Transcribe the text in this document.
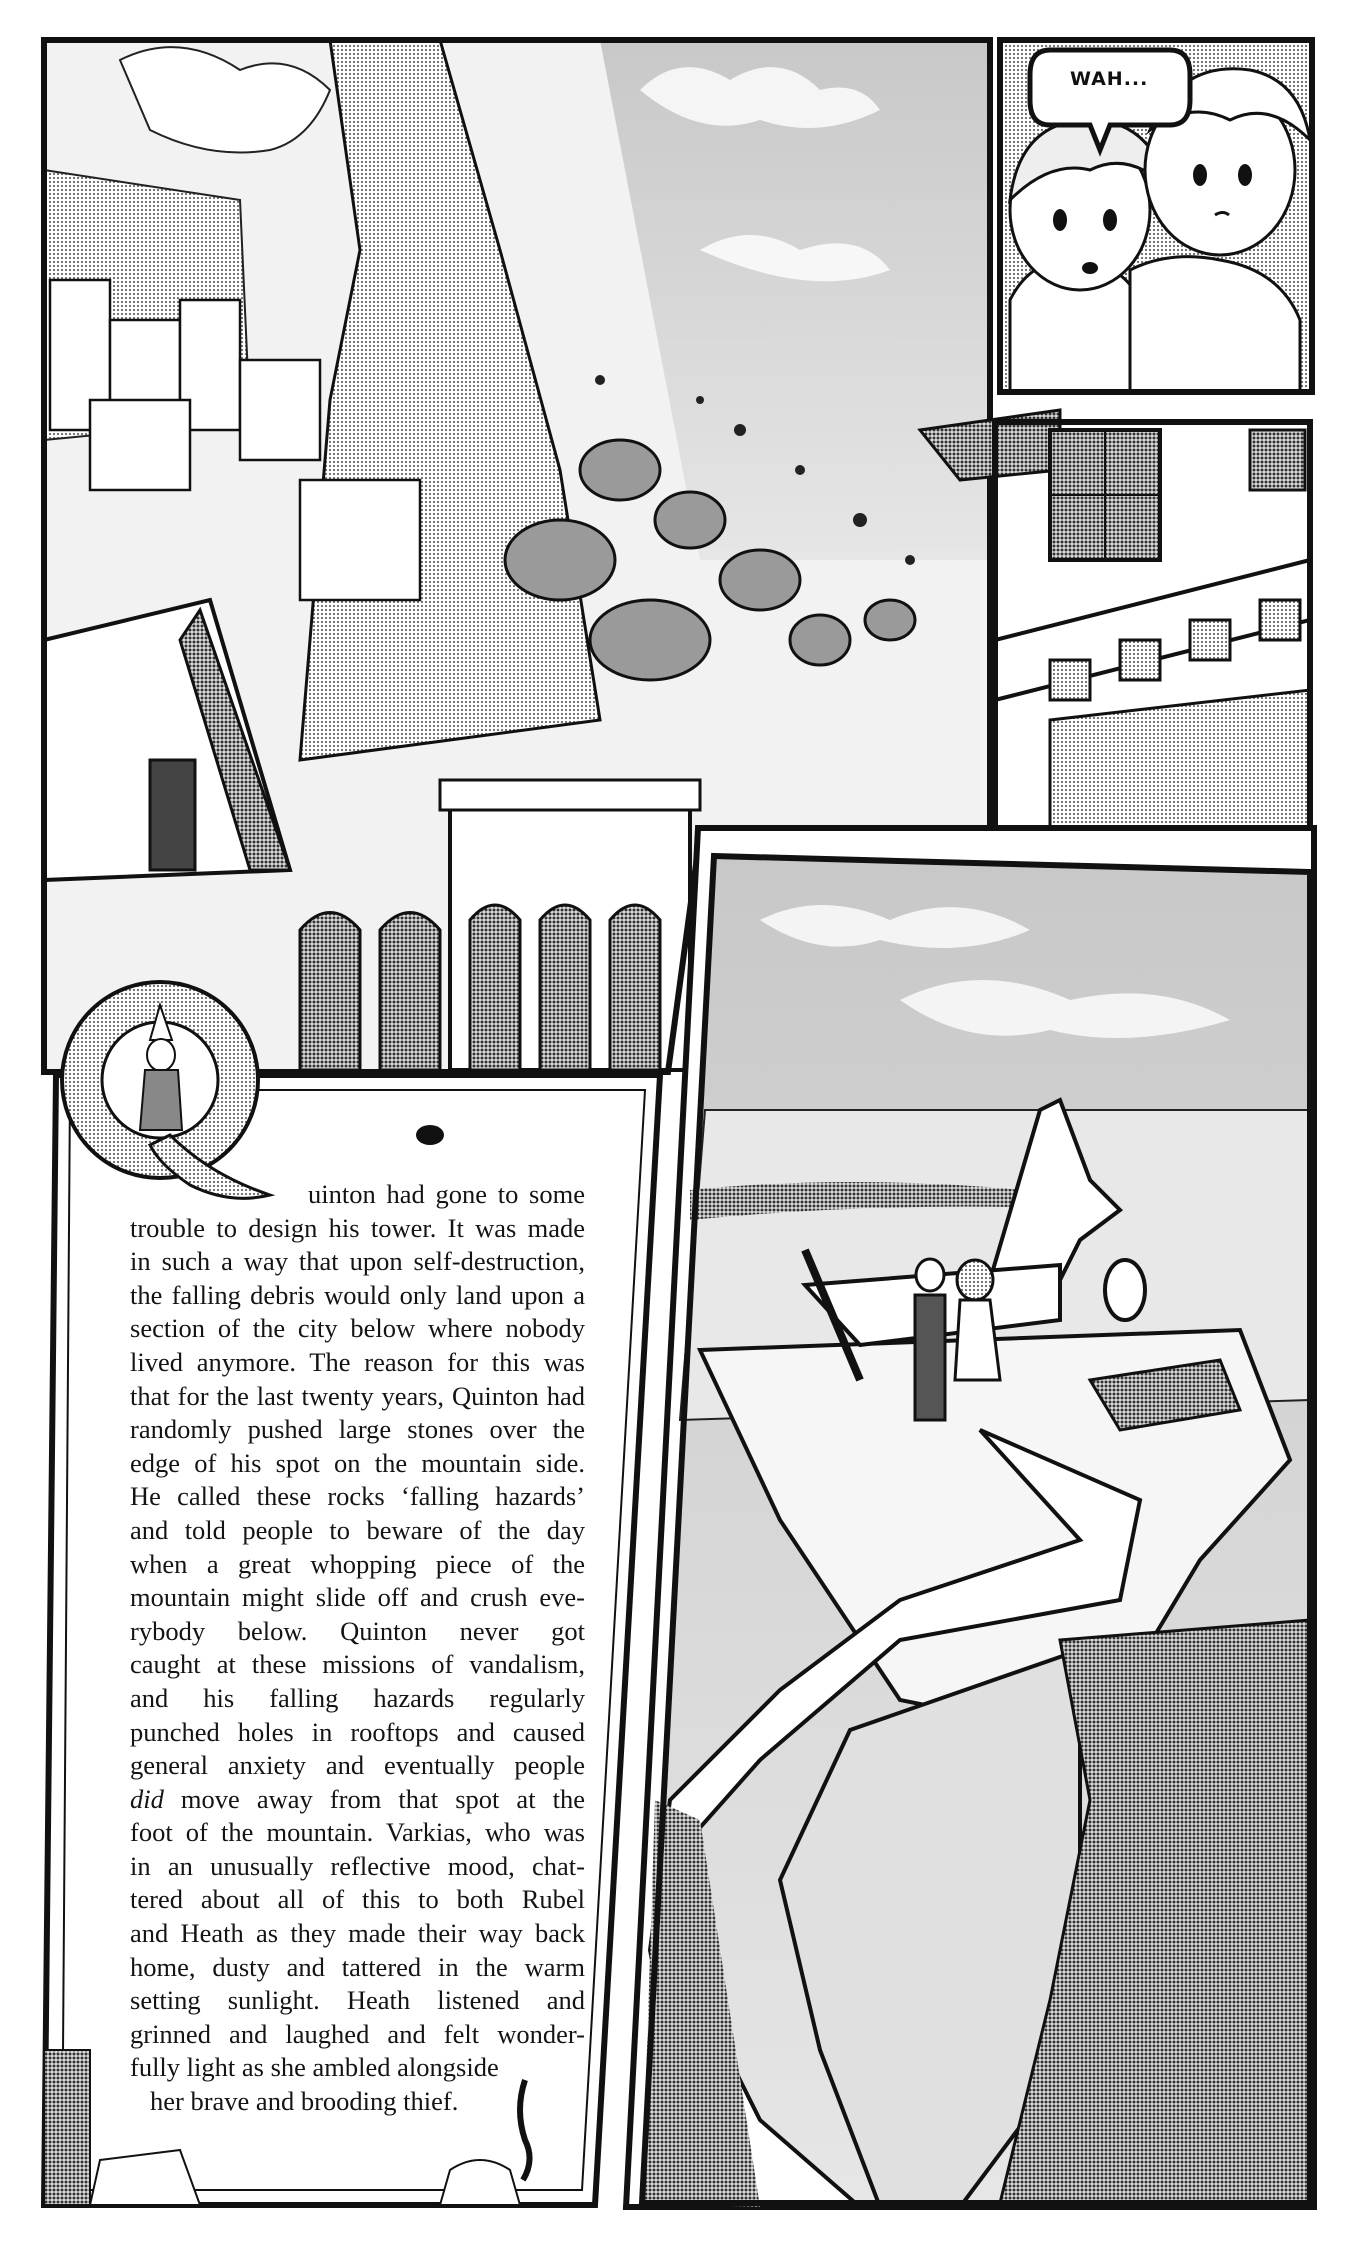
WAH...
uinton had gone to some
trouble to design his tower. It was made
in such a way that upon self-destruction,
the falling debris would only land upon a
section of the city below where nobody
lived anymore. The reason for this was
that for the last twenty years, Quinton had
randomly pushed large stones over the
edge of his spot on the mountain side.
He called these rocks ‘falling hazards’
and told people to beware of the day
when a great whopping piece of the
mountain might slide off and crush eve-
rybody below. Quinton never got
caught at these missions of vandalism,
and his falling hazards regularly
punched holes in rooftops and caused
general anxiety and eventually people
did move away from that spot at the
foot of the mountain. Varkias, who was
in an unusually reflective mood, chat-
tered about all of this to both Rubel
and Heath as they made their way back
home, dusty and tattered in the warm
setting sunlight. Heath listened and
grinned and laughed and felt wonder-
fully light as she ambled alongside
her brave and brooding thief.
